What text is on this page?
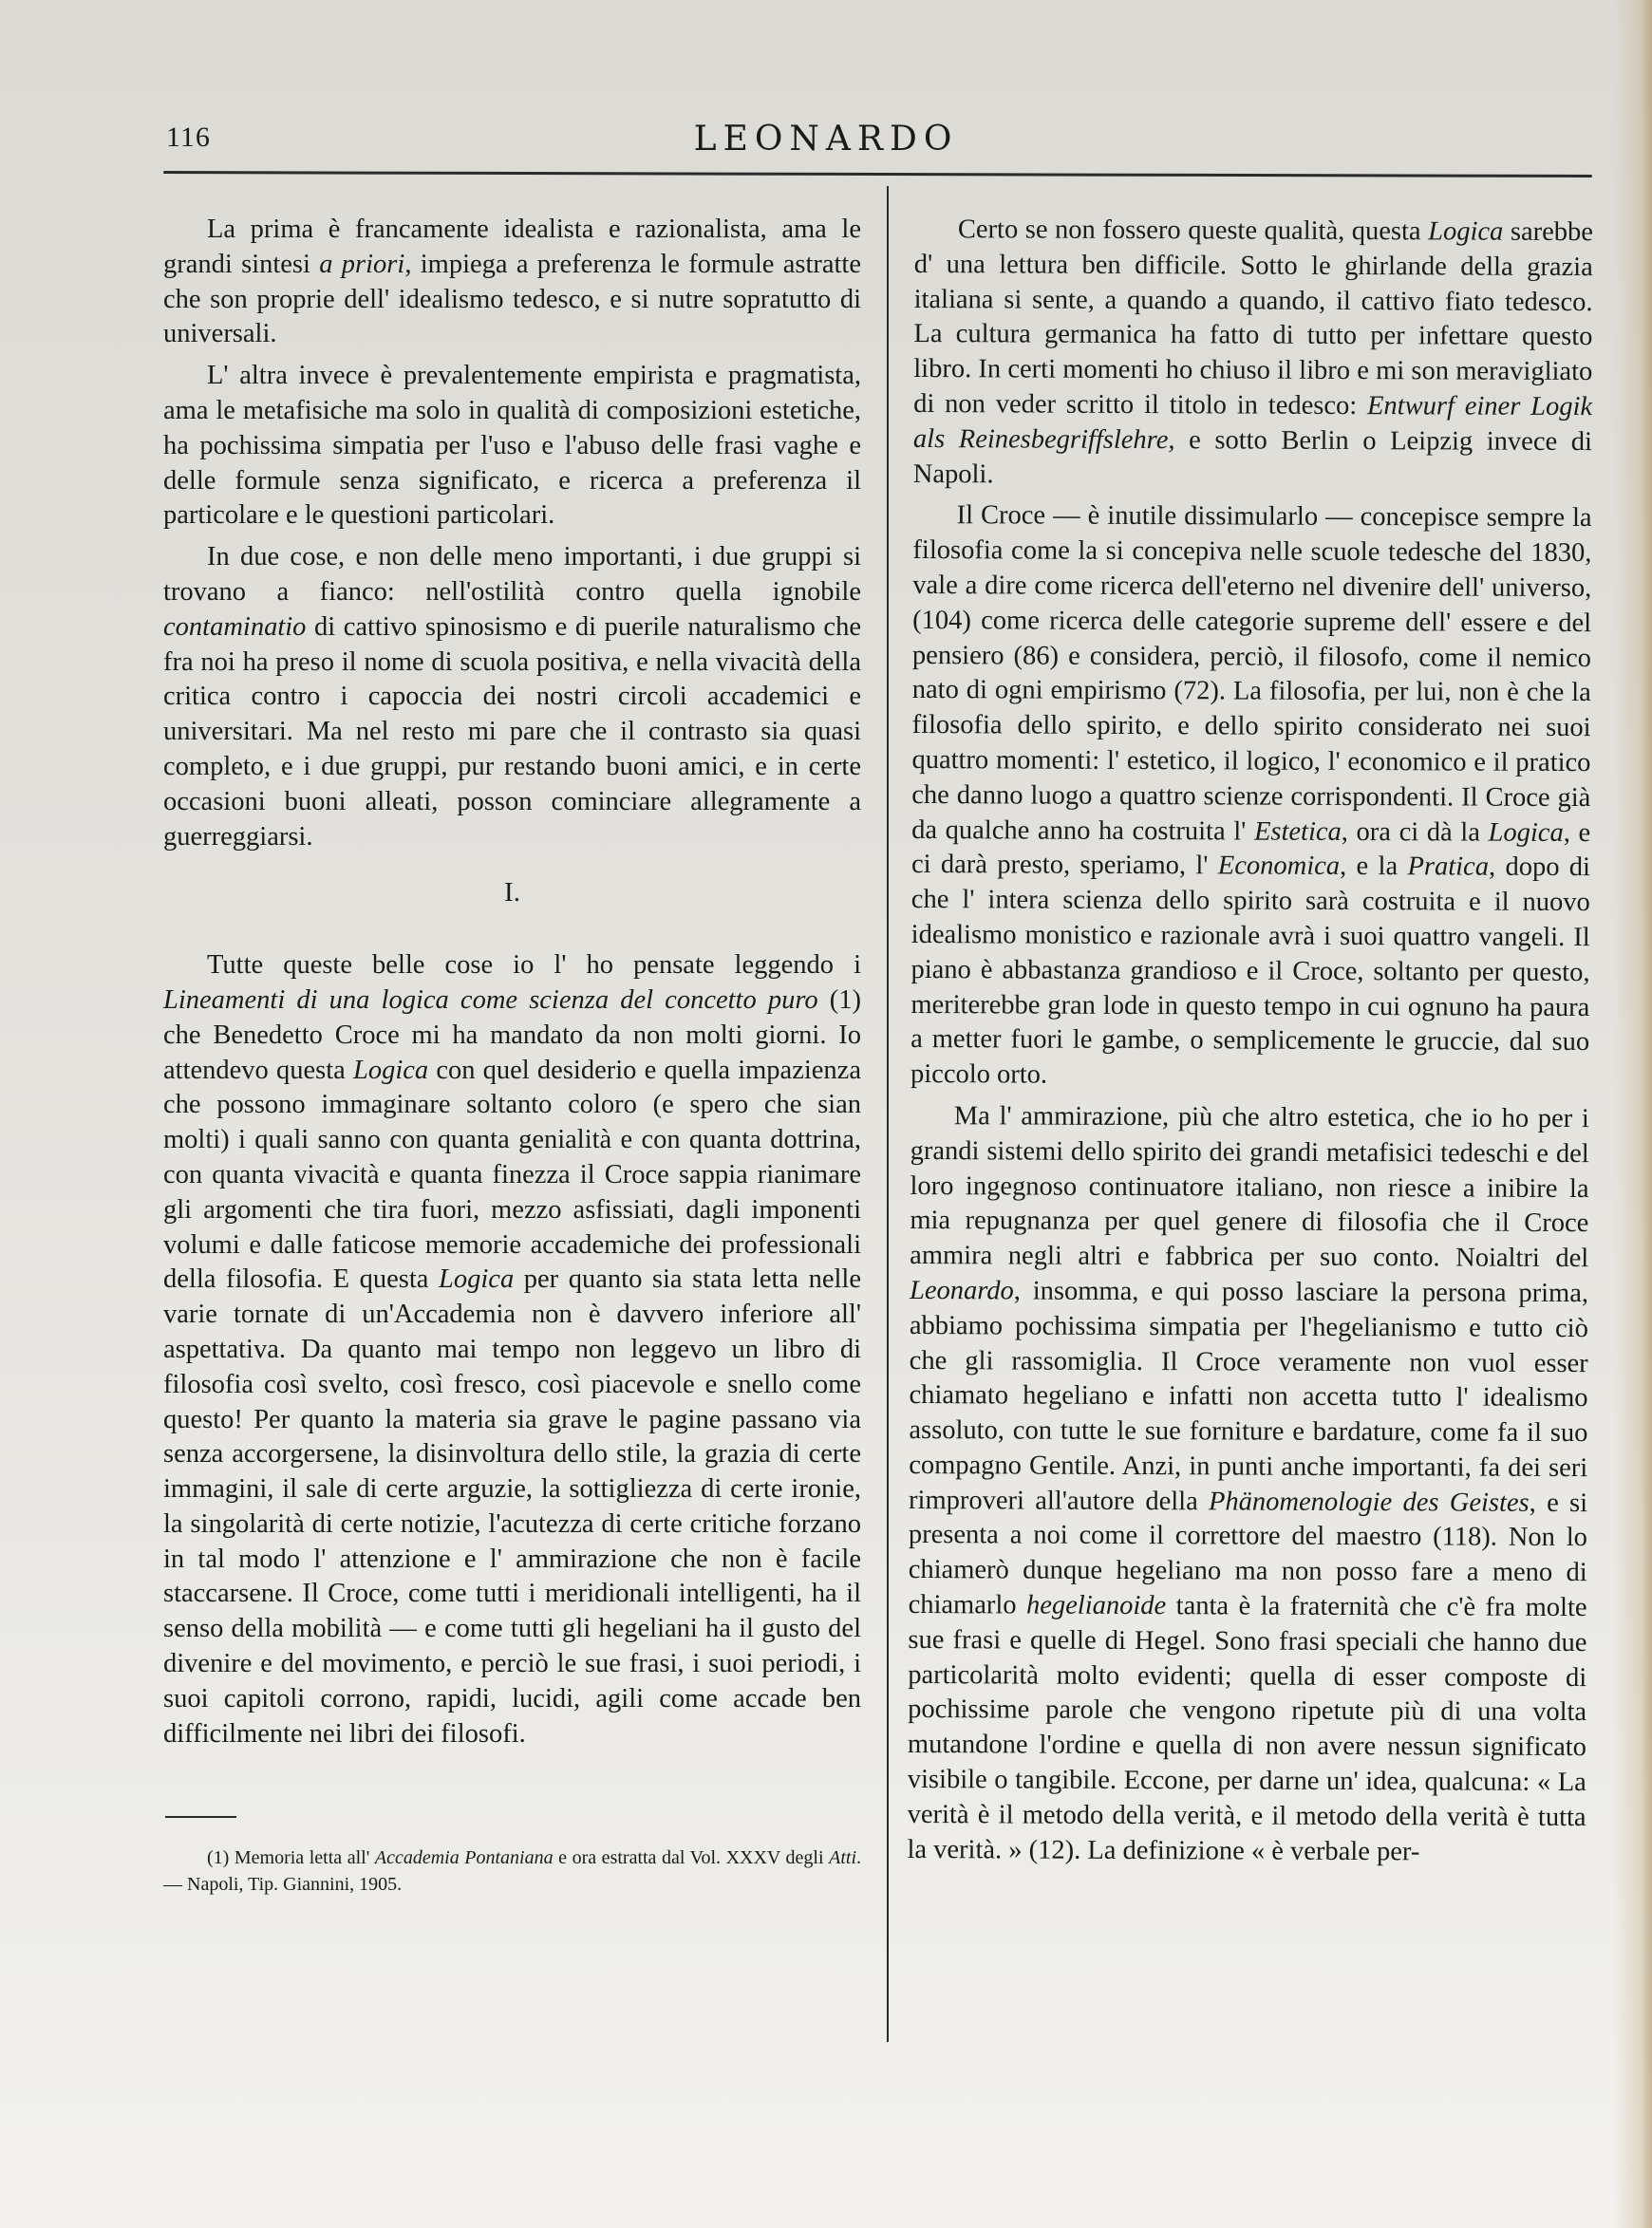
116	LEONARDO

La prima è francamente idealista e razionalista, ama le grandi sintesi a priori, impiega a preferenza le formule astratte che son proprie dell' idealismo tedesco, e si nutre sopratutto di universali.

L' altra invece è prevalentemente empirista e pragmatista, ama le metafisiche ma solo in qualità di composizioni estetiche, ha pochissima simpatia per l'uso e l'abuso delle frasi vaghe e delle formule senza significato, e ricerca a preferenza il particolare e le questioni particolari.

In due cose, e non delle meno importanti, i due gruppi si trovano a fianco: nell'ostilità contro quella ignobile contaminatio di cattivo spinosismo e di puerile naturalismo che fra noi ha preso il nome di scuola positiva, e nella vivacità della critica contro i capoccia dei nostri circoli accademici e universitari. Ma nel resto mi pare che il contrasto sia quasi completo, e i due gruppi, pur restando buoni amici, e in certe occasioni buoni alleati, posson cominciare allegramente a guerreggiarsi.

I.

Tutte queste belle cose io l' ho pensate leggendo i Lineamenti di una logica come scienza del concetto puro (1) che Benedetto Croce mi ha mandato da non molti giorni. Io attendevo questa Logica con quel desiderio e quella impazienza che possono immaginare soltanto coloro (e spero che sian molti) i quali sanno con quanta genialità e con quanta dottrina, con quanta vivacità e quanta finezza il Croce sappia rianimare gli argomenti che tira fuori, mezzo asfissiati, dagli imponenti volumi e dalle faticose memorie accademiche dei professionali della filosofia. E questa Logica per quanto sia stata letta nelle varie tornate di un'Accademia non è davvero inferiore all' aspettativa. Da quanto mai tempo non leggevo un libro di filosofia così svelto, così fresco, così piacevole e snello come questo! Per quanto la materia sia grave le pagine passano via senza accorgersene, la disinvoltura dello stile, la grazia di certe immagini, il sale di certe arguzie, la sottigliezza di certe ironie, la singolarità di certe notizie, l'acutezza di certe critiche forzano in tal modo l' attenzione e l' ammirazione che non è facile staccarsene. Il Croce, come tutti i meridionali intelligenti, ha il senso della mobilità — e come tutti gli hegeliani ha il gusto del divenire e del movimento, e perciò le sue frasi, i suoi periodi, i suoi capitoli corrono, rapidi, lucidi, agili come accade ben difficilmente nei libri dei filosofi.

(1) Memoria letta all' Accademia Pontaniana e ora estratta dal Vol. XXXV degli Atti. — Napoli, Tip. Giannini, 1905.

Certo se non fossero queste qualità, questa Logica sarebbe d' una lettura ben difficile. Sotto le ghirlande della grazia italiana si sente, a quando a quando, il cattivo fiato tedesco. La cultura germanica ha fatto di tutto per infettare questo libro. In certi momenti ho chiuso il libro e mi son meravigliato di non veder scritto il titolo in tedesco: Entwurf einer Logik als Reinesbegriffslehre, e sotto Berlin o Leipzig invece di Napoli.

Il Croce — è inutile dissimularlo — concepisce sempre la filosofia come la si concepiva nelle scuole tedesche del 1830, vale a dire come ricerca dell'eterno nel divenire dell' universo, (104) come ricerca delle categorie supreme dell' essere e del pensiero (86) e considera, perciò, il filosofo, come il nemico nato di ogni empirismo (72). La filosofia, per lui, non è che la filosofia dello spirito, e dello spirito considerato nei suoi quattro momenti: l' estetico, il logico, l' economico e il pratico che danno luogo a quattro scienze corrispondenti. Il Croce già da qualche anno ha costruita l' Estetica, ora ci dà la Logica, e ci darà presto, speriamo, l' Economica, e la Pratica, dopo di che l' intera scienza dello spirito sarà costruita e il nuovo idealismo monistico e razionale avrà i suoi quattro vangeli. Il piano è abbastanza grandioso e il Croce, soltanto per questo, meriterebbe gran lode in questo tempo in cui ognuno ha paura a metter fuori le gambe, o semplicemente le gruccie, dal suo piccolo orto.

Ma l' ammirazione, più che altro estetica, che io ho per i grandi sistemi dello spirito dei grandi metafisici tedeschi e del loro ingegnoso continuatore italiano, non riesce a inibire la mia repugnanza per quel genere di filosofia che il Croce ammira negli altri e fabbrica per suo conto. Noialtri del Leonardo, insomma, e qui posso lasciare la persona prima, abbiamo pochissima simpatia per l'hegelianismo e tutto ciò che gli rassomiglia. Il Croce veramente non vuol esser chiamato hegeliano e infatti non accetta tutto l' idealismo assoluto, con tutte le sue forniture e bardature, come fa il suo compagno Gentile. Anzi, in punti anche importanti, fa dei seri rimproveri all'autore della Phänomenologie des Geistes, e si presenta a noi come il correttore del maestro (118). Non lo chiamerò dunque hegeliano ma non posso fare a meno di chiamarlo hegelianoide tanta è la fraternità che c'è fra molte sue frasi e quelle di Hegel. Sono frasi speciali che hanno due particolarità molto evidenti; quella di esser composte di pochissime parole che vengono ripetute più di una volta mutandone l'ordine e quella di non avere nessun significato visibile o tangibile. Eccone, per darne un' idea, qualcuna: « La verità è il metodo della verità, e il metodo della verità è tutta la verità. » (12). La definizione « è verbale per-
